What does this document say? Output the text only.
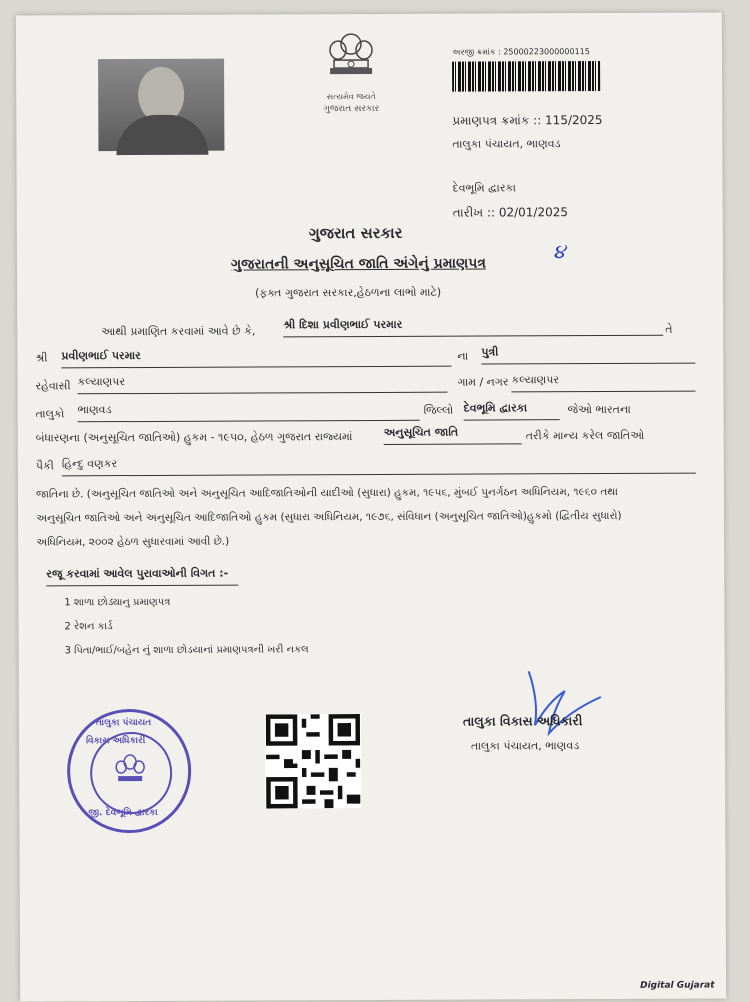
સત્યમેવ જયતે
ગુજરાત સરકાર
અરજી ક્રમાંક : 25000223000000115
પ્રમાણપત્ર ક્રમાંક :: 115/2025
તાલુકા પંચાયત, ભાણવડ
દેવભૂમિ દ્વારકા
તારીખ :: 02/01/2025
૪
ગુજરાત સરકાર
ગુજરાતની અનુસૂચિત જાતિ અંગેનું પ્રમાણપત્ર
(ફક્ત ગુજરાત સરકાર,હેઠળના લાભો માટે)
આથી પ્રમાણિત કરવામાં આવે છે કે,	શ્રી દિશા પ્રવીણભાઈ પરમાર	તે
શ્રી પ્રવીણભાઈ પરમાર	ના પુત્રી
રહેવાસી કલ્યાણપર	ગામ / નગર કલ્યાણપર
તાલુકો ભાણવડ	જિલ્લો દેવભૂમિ દ્વારકા	જેઓ ભારતના
બંધારણના (અનુસૂચિત જાતિઓ) હુકમ - ૧૯૫૦, હેઠળ ગુજરાત રાજ્યમાં	અનુસૂચિત જાતિ	તરીકે માન્ય કરેલ જાતિઓ
પૈકી હિન્દુ વણકર
જાતિના છે. (અનુસૂચિત જાતિઓ અને અનુસૂચિત આદિજાતિઓની યાદીઓ (સુધારા) હુકમ, ૧૯૫૬, મુંબઈ પુનર્ગઠન અધિનિયમ, ૧૯૬૦ તથા
અનુસૂચિત જાતિઓ અને અનુસૂચિત આદિજાતિઓ હુકમ (સુધારા અધિનિયમ, ૧૯૭૬, સંવિધાન (અનુસૂચિત જાતિઓ)હુકમો (દ્વિતીય સુધારો)
અધિનિયમ, ૨૦૦૨ હેઠળ સુધારવામાં આવી છે.)
રજૂ કરવામાં આવેલ પુરાવાઓની વિગત :-
1 શાળા છોડ્યાનુ પ્રમાણપત્ર
2 રેશન કાર્ડ
3 પિતા/ભાઈ/બહેન નું શાળા છોડયાનાં પ્રમાણપત્રની ખરી નકલ
તાલુકા વિકાસ અધિકારી
તાલુકા પંચાયત, ભાણવડ
તાલુકા પંચાયત
વિકાસ અધિકારી
જી. દેવભૂમિ દ્વારકા
Digital Gujarat
